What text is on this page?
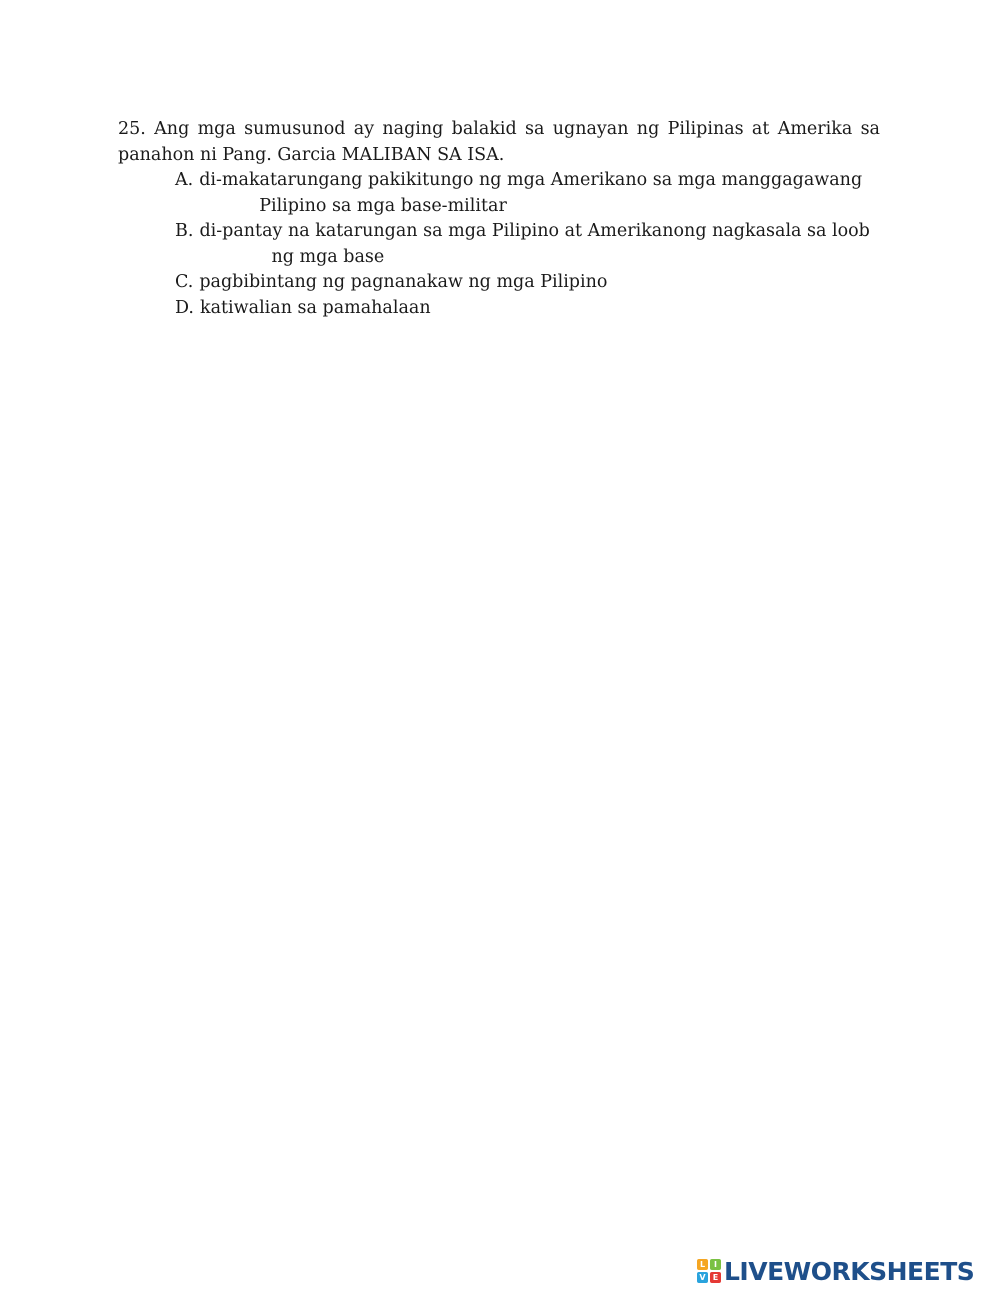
25. Ang mga sumusunod ay naging balakid sa ugnayan ng Pilipinas at Amerika sa panahon ni Pang. Garcia MALIBAN SA ISA.
A. di-makatarungang pakikitungo ng mga Amerikano sa mga manggagawang
Pilipino sa mga base-militar
B. di-pantay na katarungan sa mga Pilipino at Amerikanong nagkasala sa loob
ng mga base
C. pagbibintang ng pagnanakaw ng mga Pilipino
D. katiwalian sa pamahalaan
L	I
V E LIVEWORKSHEETS
